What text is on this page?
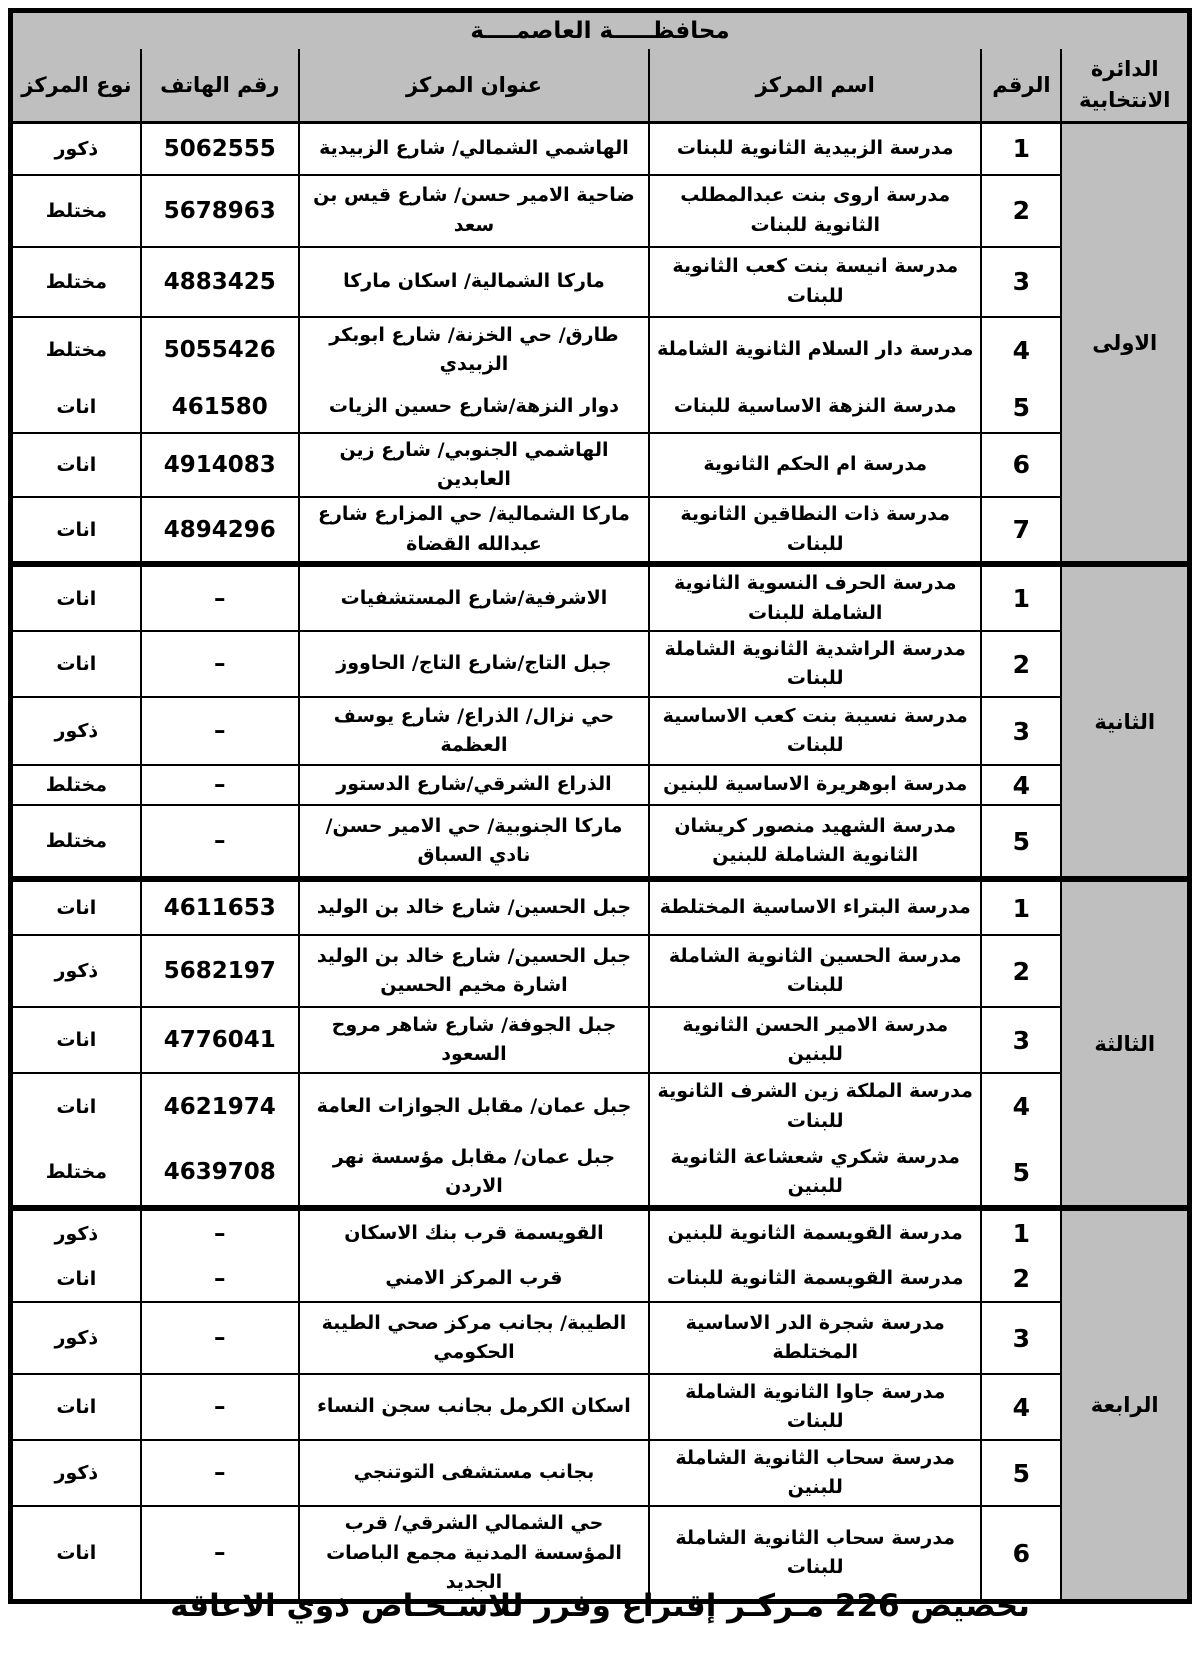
محافظـــــة العاصمــــة					
الدائرة الانتخابية	الرقم	اسم المركز	عنوان المركز	رقم الهاتف	نوع المركز
الاولى	1	مدرسة الزبيدية الثانوية للبنات	الهاشمي الشمالي/ شارع الزبيدية	5062555	ذكور
	2	مدرسة اروى بنت عبدالمطلب الثانوية للبنات	ضاحية الامير حسن/ شارع قيس بن سعد	5678963	مختلط
	3	مدرسة انيسة بنت كعب الثانوية للبنات	ماركا الشمالية/ اسكان ماركا	4883425	مختلط
	4	مدرسة دار السلام الثانوية الشاملة	طارق/ حي الخزنة/ شارع ابوبكر الزبيدي	5055426	مختلط
	5	مدرسة النزهة الاساسية للبنات	دوار النزهة/شارع حسين الزيات	461580	انات
	6	مدرسة ام الحكم الثانوية	الهاشمي الجنوبي/ شارع زين العابدين	4914083	انات
	7	مدرسة ذات النطاقين الثانوية للبنات	ماركا الشمالية/ حي المزارع شارع عبدالله القضاة	4894296	انات
الثانية	1	مدرسة الحرف النسوية الثانوية الشاملة للبنات	الاشرفية/شارع المستشفيات	–	انات
	2	مدرسة الراشدية الثانوية الشاملة للبنات	جبل التاج/شارع التاج/ الحاووز	–	انات
	3	مدرسة نسيبة بنت كعب الاساسية للبنات	حي نزال/ الذراع/ شارع يوسف العظمة	–	ذكور
	4	مدرسة ابوهريرة الاساسية للبنين	الذراع الشرقي/شارع الدستور	–	مختلط
	5	مدرسة الشهيد منصور كريشان الثانوية الشاملة للبنين	ماركا الجنوبية/ حي الامير حسن/ نادي السباق	–	مختلط
الثالثة	1	مدرسة البتراء الاساسية المختلطة	جبل الحسين/ شارع خالد بن الوليد	4611653	انات
	2	مدرسة الحسين الثانوية الشاملة للبنات	جبل الحسين/ شارع خالد بن الوليد اشارة مخيم الحسين	5682197	ذكور
	3	مدرسة الامير الحسن الثانوية للبنين	جبل الجوفة/ شارع شاهر مروح السعود	4776041	انات
	4	مدرسة الملكة زين الشرف الثانوية للبنات	جبل عمان/ مقابل الجوازات العامة	4621974	انات
	5	مدرسة شكري شعشاعة الثانوية للبنين	جبل عمان/ مقابل مؤسسة نهر الاردن	4639708	مختلط
الرابعة	1	مدرسة القويسمة الثانوية للبنين	القويسمة قرب بنك الاسكان	–	ذكور
	2	مدرسة القويسمة الثانوية للبنات	قرب المركز الامني	–	انات
	3	مدرسة شجرة الدر الاساسية المختلطة	الطيبة/ بجانب مركز صحي الطيبة الحكومي	–	ذكور
	4	مدرسة جاوا الثانوية الشاملة للبنات	اسكان الكرمل بجانب سجن النساء	–	انات
	5	مدرسة سحاب الثانوية الشاملة للبنين	بجانب مستشفى التوتنجي	–	ذكور
	6	مدرسة سحاب الثانوية الشاملة للبنات	حي الشمالي الشرقي/ قرب المؤسسة المدنية مجمع الباصات الجديد	–	انات
تخصيص 226 مـركـز إقتراع وفرز للاشـخـاص ذوي الاعاقة
